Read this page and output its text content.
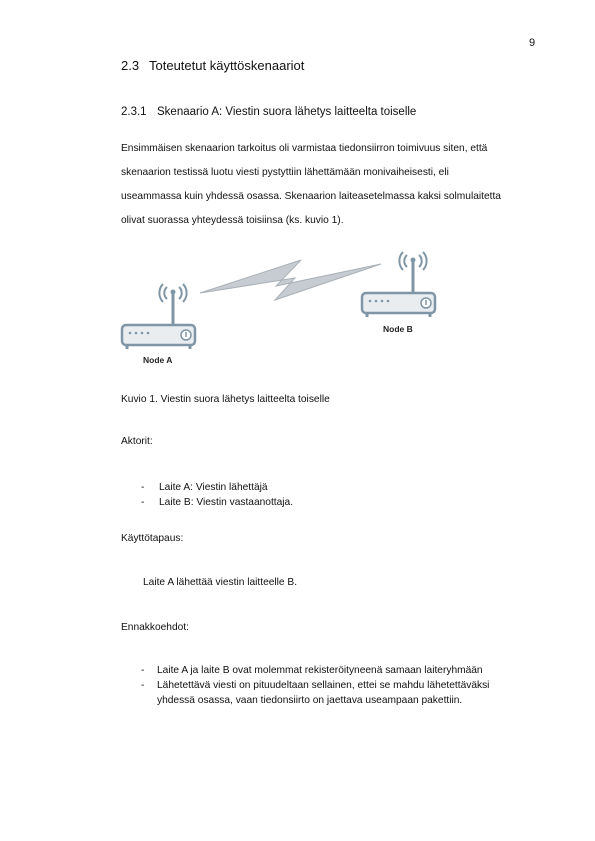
9
2.3 Toteutetut käyttöskenaariot
2.3.1 Skenaario A: Viestin suora lähetys laitteelta toiselle
Ensimmäisen skenaarion tarkoitus oli varmistaa tiedonsiirron toimivuus siten, että
skenaarion testissä luotu viesti pystyttiin lähettämään monivaiheisesti, eli
useammassa kuin yhdessä osassa. Skenaarion laiteasetelmassa kaksi solmulaitetta
olivat suorassa yhteydessä toisiinsa (ks. kuvio 1).
Node A
Node B
Kuvio 1. Viestin suora lähetys laitteelta toiselle
Aktorit:
- Laite A: Viestin lähettäjä
- Laite B: Viestin vastaanottaja.
Käyttötapaus:
Laite A lähettää viestin laitteelle B.
Ennakkoehdot:
- Laite A ja laite B ovat molemmat rekisteröityneenä samaan laiteryhmään
- Lähetettävä viesti on pituudeltaan sellainen, ettei se mahdu lähetettäväksi
yhdessä osassa, vaan tiedonsiirto on jaettava useampaan pakettiin.
